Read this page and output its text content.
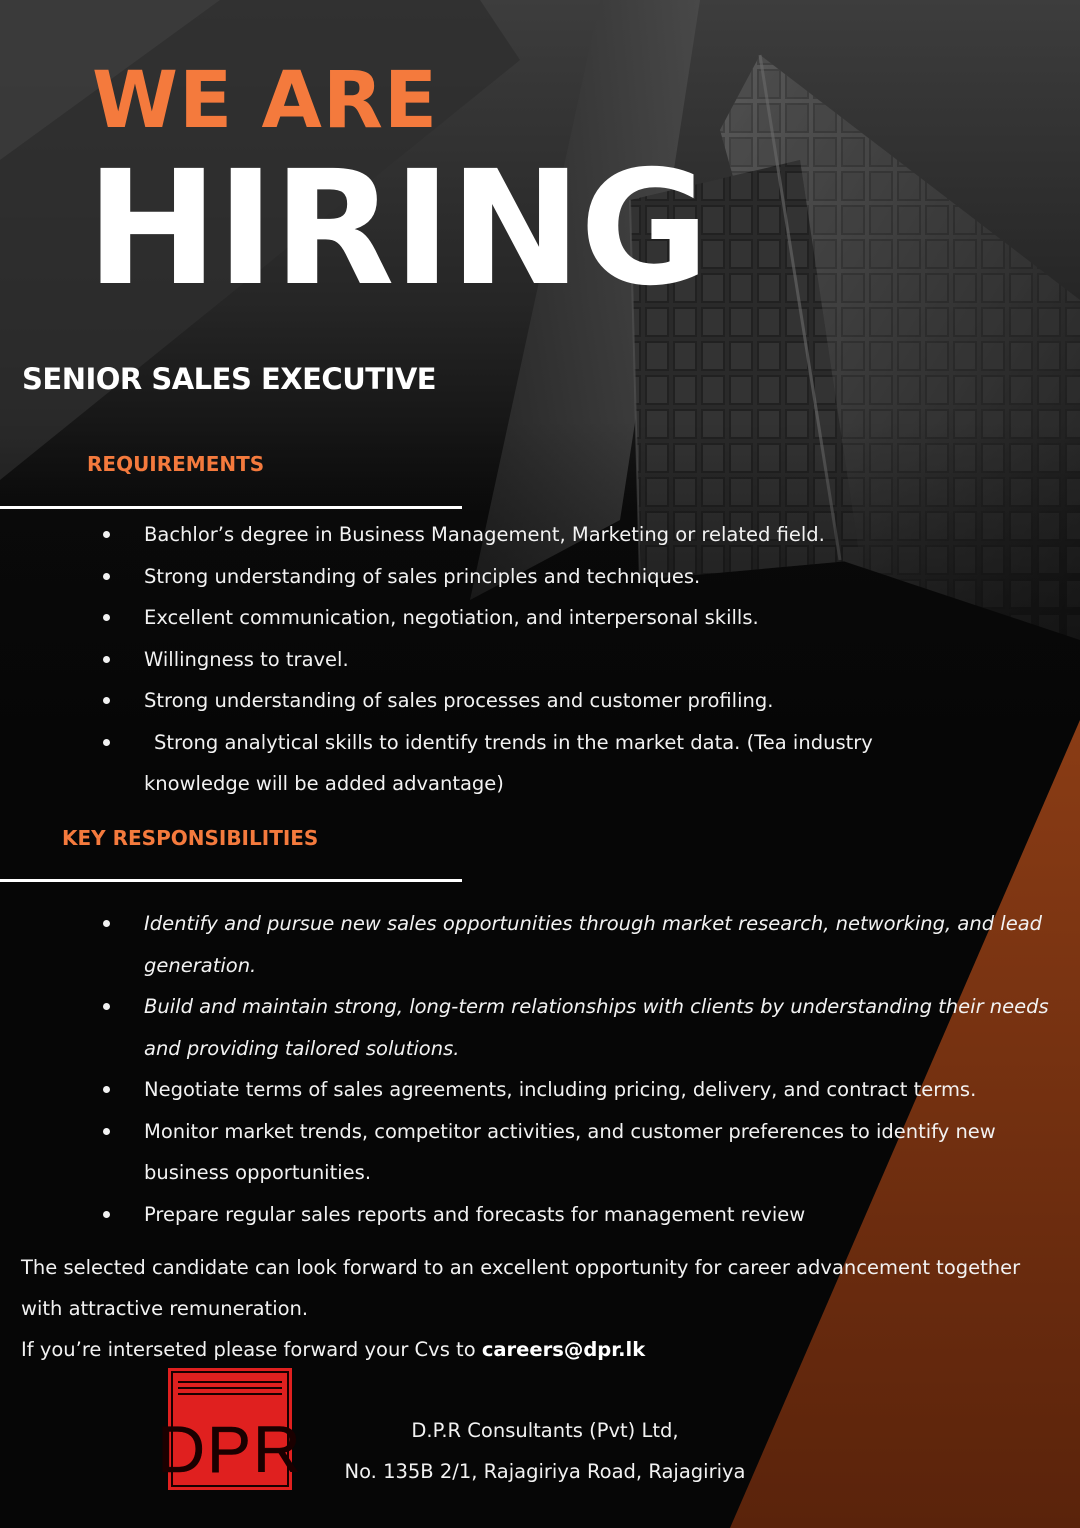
WE ARE
HIRING
SENIOR SALES EXECUTIVE
REQUIREMENTS
Bachlor’s degree in Business Management, Marketing or related field.
Strong understanding of sales principles and techniques.
Excellent communication, negotiation, and interpersonal skills.
Willingness to travel.
Strong understanding of sales processes and customer profiling.
Strong analytical skills to identify trends in the market data. (Tea industry knowledge will be added advantage)
KEY RESPONSIBILITIES
Identify and pursue new sales opportunities through market research, networking, and lead generation.
Build and maintain strong, long-term relationships with clients by understanding their needs and providing tailored solutions.
Negotiate terms of sales agreements, including pricing, delivery, and contract terms.
Monitor market trends, competitor activities, and customer preferences to identify new business opportunities.
Prepare regular sales reports and forecasts for management review

The selected candidate can look forward to an excellent opportunity for career advancement together with attractive remuneration.

If you’re interseted please forward your Cvs to careers@dpr.lk

DPR	D.P.R Consultants (Pvt) Ltd,

No. 135B 2/1, Rajagiriya Road, Rajagiriya
